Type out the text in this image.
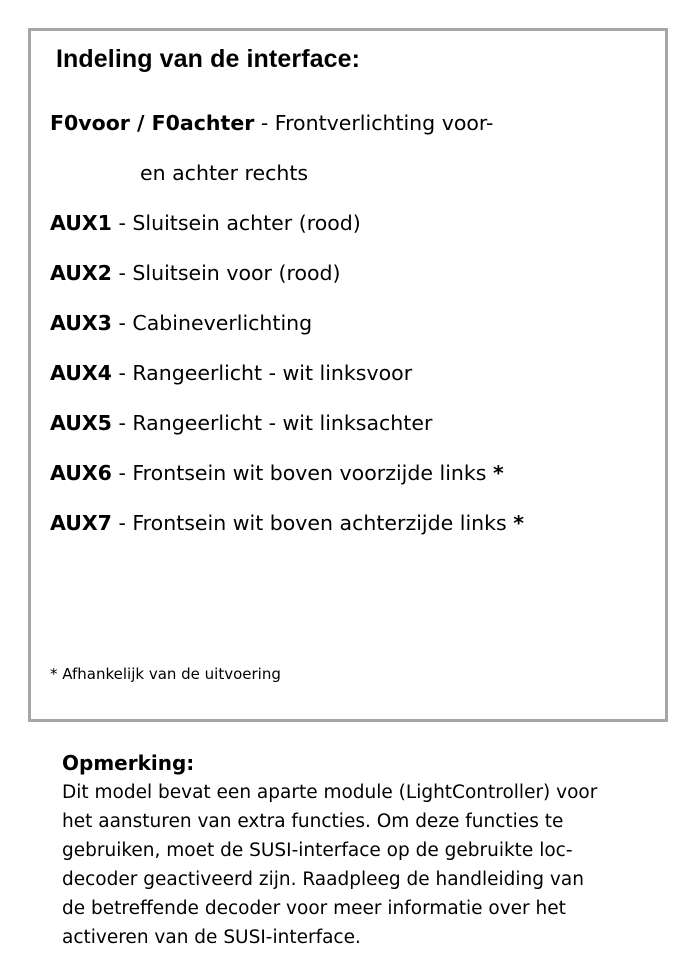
Indeling van de interface:
F0voor / F0achter - Frontverlichting voor-
en achter rechts
AUX1 - Sluitsein achter (rood)
AUX2 - Sluitsein voor (rood)
AUX3 - Cabineverlichting
AUX4 - Rangeerlicht - wit linksvoor
AUX5 - Rangeerlicht - wit linksachter
AUX6 - Frontsein wit boven voorzijde links *
AUX7 - Frontsein wit boven achterzijde links *
* Afhankelijk van de uitvoering
Opmerking:

Dit model bevat een aparte module (LightController) voor
het aansturen van extra functies. Om deze functies te
gebruiken, moet de SUSI-interface op de gebruikte loc-
decoder geactiveerd zijn. Raadpleeg de handleiding van
de betreffende decoder voor meer informatie over het
activeren van de SUSI-interface.
